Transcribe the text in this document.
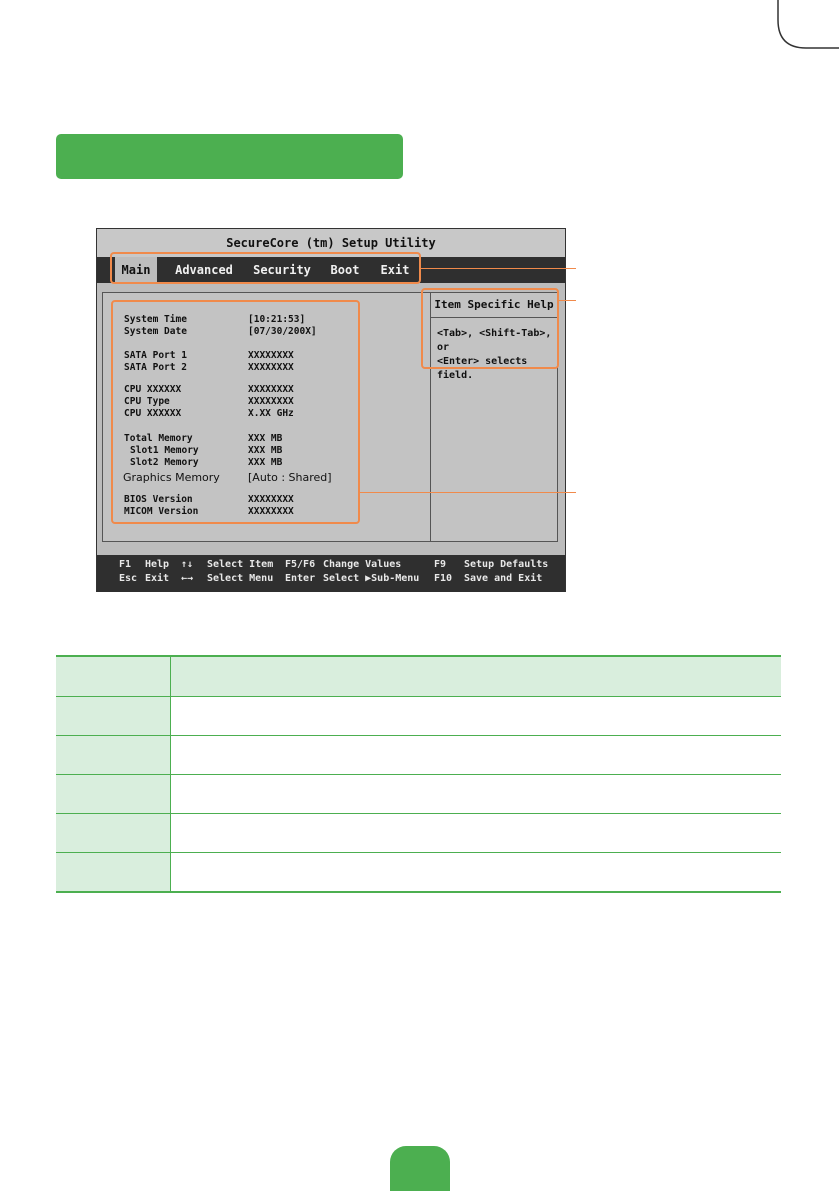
SecureCore (tm) Setup Utility
Main	Advanced	Security	Boot	Exit
System Time	[10:21:53]
System Date	[07/30/200X]
SATA Port 1	XXXXXXXX
SATA Port 2	XXXXXXXX
CPU XXXXXX	XXXXXXXX
CPU Type	XXXXXXXX
CPU XXXXXX	X.XX GHz
Total Memory	XXX MB
Slot1 Memory	XXX MB
Slot2 Memory	XXX MB
Graphics Memory	[Auto : Shared]
BIOS Version	XXXXXXXX
MICOM Version	XXXXXXXX
Item Specific Help
<Tab>, <Shift-Tab>, or
<Enter> selects field.
F1 Help ↑↓ Select Item F5/F6 Change Values	F9 Setup Defaults
Esc Exit ←→ Select Menu Enter Select ▶Sub-Menu F10 Save and Exit
